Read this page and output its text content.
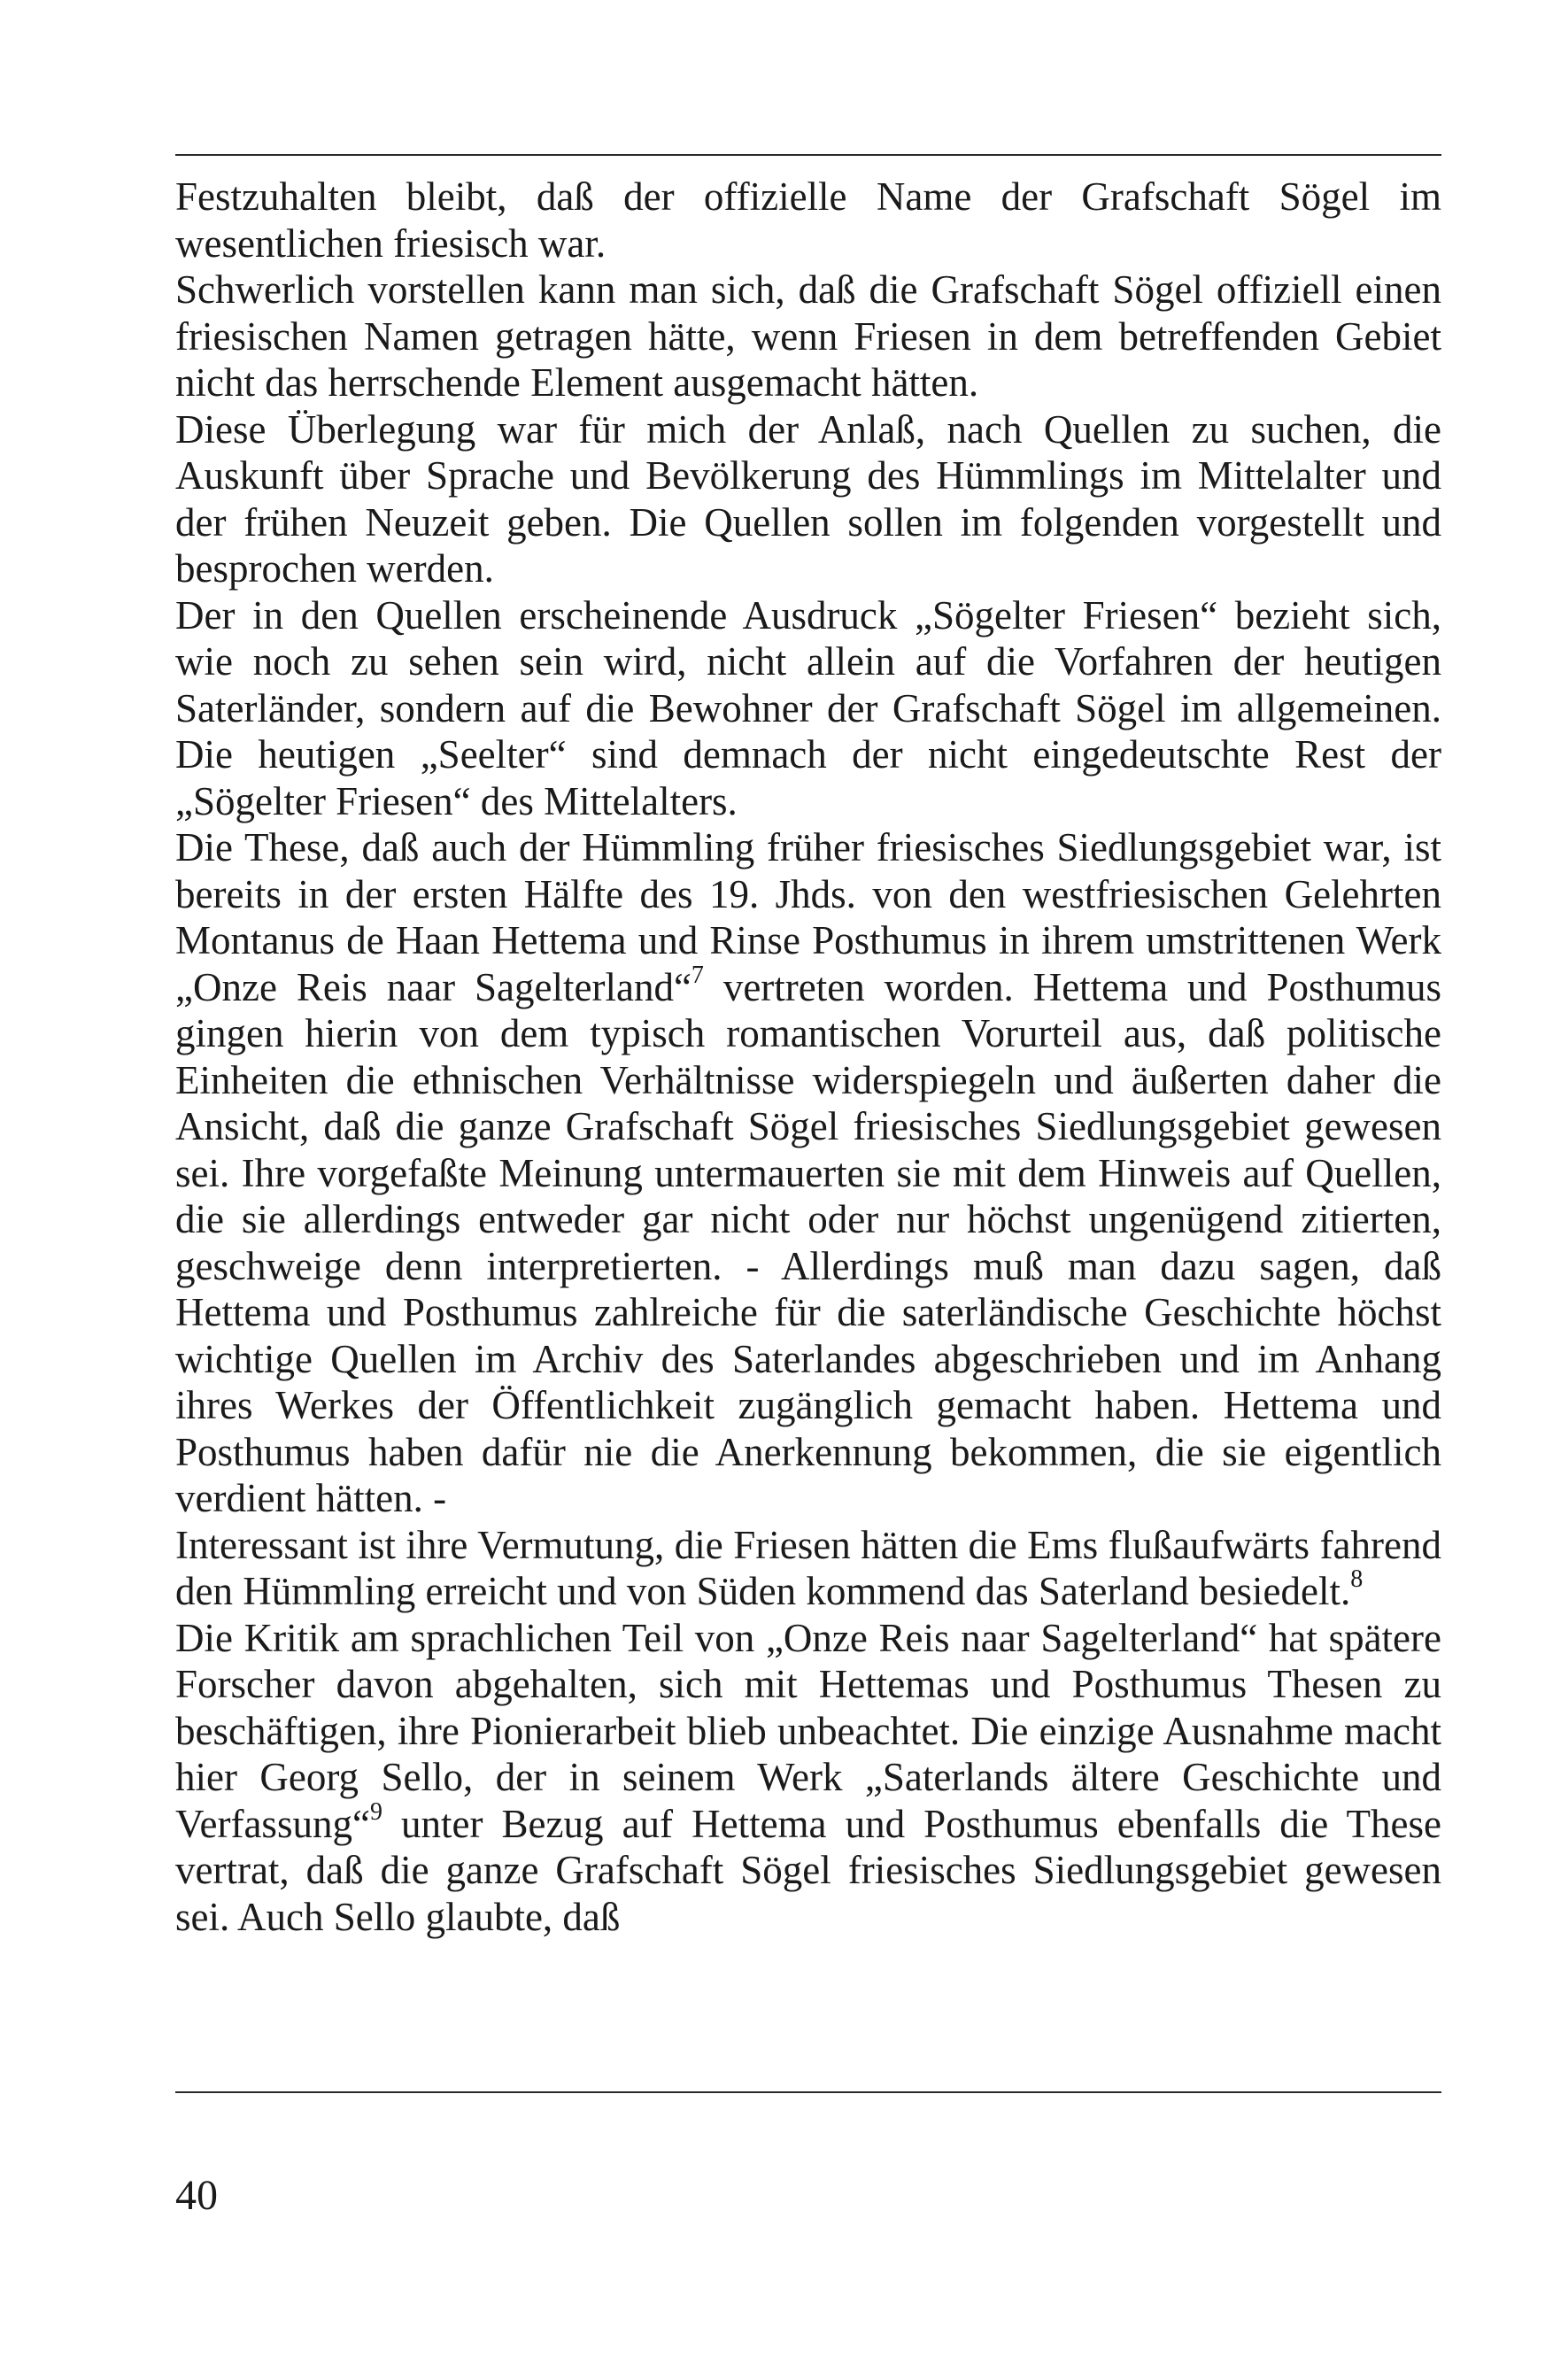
Festzuhalten bleibt, daß der offizielle Name der Grafschaft Sögel im wesentlichen friesisch war.

Schwerlich vorstellen kann man sich, daß die Grafschaft Sögel offiziell einen friesischen Namen getragen hätte, wenn Friesen in dem betreffenden Gebiet nicht das herrschende Element ausgemacht hätten.

Diese Überlegung war für mich der Anlaß, nach Quellen zu suchen, die Auskunft über Sprache und Bevölkerung des Hümmlings im Mittelalter und der frühen Neuzeit geben. Die Quellen sollen im folgenden vorgestellt und besprochen werden.

Der in den Quellen erscheinende Ausdruck „Sögelter Friesen“ bezieht sich, wie noch zu sehen sein wird, nicht allein auf die Vorfahren der heutigen Saterländer, sondern auf die Bewohner der Grafschaft Sögel im allgemeinen. Die heutigen „Seelter“ sind demnach der nicht eingedeutschte Rest der „Sögelter Friesen“ des Mittelalters.

Die These, daß auch der Hümmling früher friesisches Siedlungsgebiet war, ist bereits in der ersten Hälfte des 19. Jhds. von den westfriesischen Gelehrten Montanus de Haan Hettema und Rinse Posthumus in ihrem umstrittenen Werk „Onze Reis naar Sagelterland“$^7$ vertreten worden. Hettema und Posthumus gingen hierin von dem typisch romantischen Vorurteil aus, daß politische Einheiten die ethnischen Verhältnisse widerspiegeln und äußerten daher die Ansicht, daß die ganze Grafschaft Sögel friesisches Siedlungsgebiet gewesen sei. Ihre vorgefaßte Meinung untermauerten sie mit dem Hinweis auf Quellen, die sie allerdings entweder gar nicht oder nur höchst ungenügend zitierten, geschweige denn interpretierten. - Allerdings muß man dazu sagen, daß Hettema und Posthumus zahlreiche für die saterländische Geschichte höchst wichtige Quellen im Archiv des Saterlandes abgeschrieben und im Anhang ihres Werkes der Öffentlichkeit zugänglich gemacht haben. Hettema und Posthumus haben dafür nie die Anerkennung bekommen, die sie eigentlich verdient hätten. -

Interessant ist ihre Vermutung, die Friesen hätten die Ems flußaufwärts fahrend den Hümmling erreicht und von Süden kommend das Saterland besiedelt.$^8$

Die Kritik am sprachlichen Teil von „Onze Reis naar Sagelterland“ hat spätere Forscher davon abgehalten, sich mit Hettemas und Posthumus Thesen zu beschäftigen, ihre Pionierarbeit blieb unbeachtet. Die einzige Ausnahme macht hier Georg Sello, der in seinem Werk „Saterlands ältere Geschichte und Verfassung“$^9$ unter Bezug auf Hettema und Posthumus ebenfalls die These vertrat, daß die ganze Grafschaft Sögel friesisches Siedlungsgebiet gewesen sei. Auch Sello glaubte, daß

40
